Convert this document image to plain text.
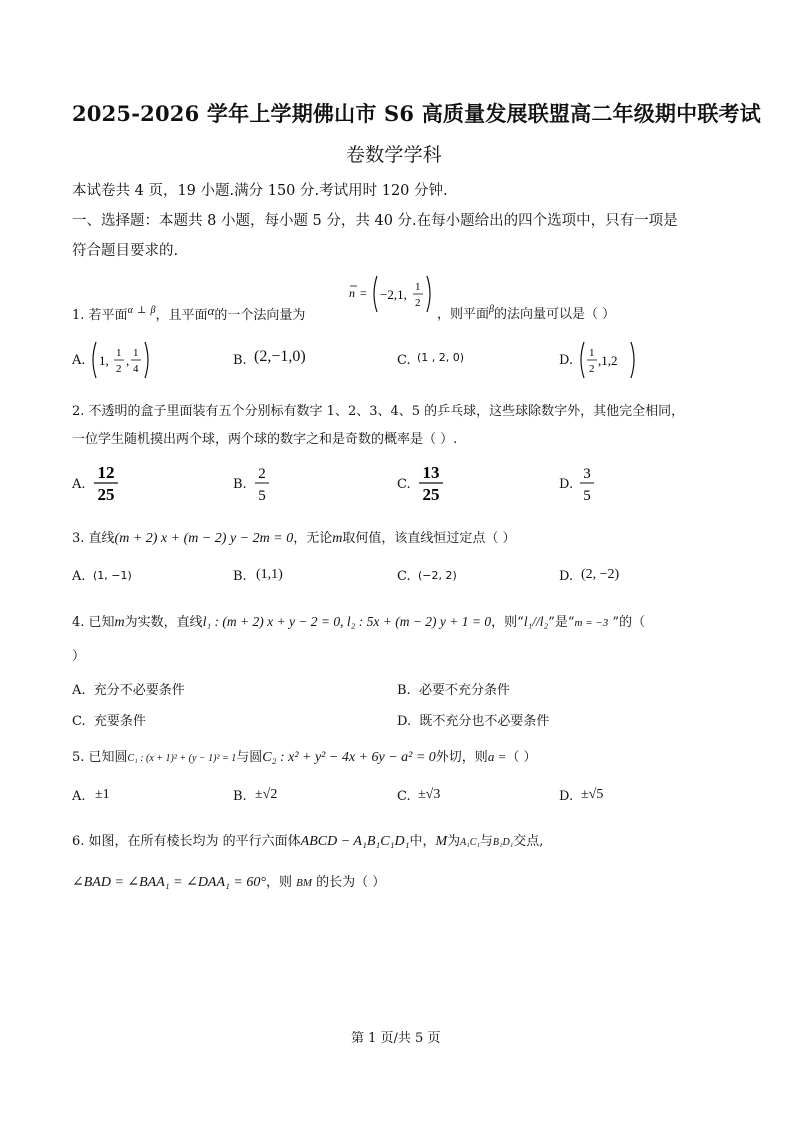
2025-2026 学年上学期佛山市 S6 高质量发展联盟高二年级期中联考试
卷数学学科
本试卷共 4 页，19 小题.满分 150 分.考试用时 120 分钟.
一、选择题：本题共 8 小题，每小题 5 分，共 40 分.在每小题给出的四个选项中，只有一项是
符合题目要求的.
1. 若平面$^\alpha$ ⊥ $^\beta$，且平面α的一个法向量为
n = −2,1, 1
2
，则平面$^\beta$的法向量可以是（ ）
A. 1, 1
2
, 1
4
B. (2,−1,0)	C. (1 , 2, 0)	D. 1
2
,1,2
2. 不透明的盒子里面装有五个分别标有数字 1、2、3、4、5 的乒乓球，这些球除数字外，其他完全相同，
一位学生随机摸出两个球，两个球的数字之和是奇数的概率是（ ）.
A.
12
25
B.
2
5
C.
13
25
D.
3
5
3. 直线(m + 2) x + (m − 2) y − 2m = 0，无论m取何值，该直线恒过定点（ ）
A. (1, −1)	B. (1,1)	C. (−2, 2)	D. (2, −2)
4. 已知m为实数，直线l₁ : (m + 2) x + y − 2 = 0, l₂ : 5x + (m − 2) y + 1 = 0，则“l₁//l₂”是“m = −3 ”的（
）
A. 充分不必要条件	B. 必要不充分条件
C. 充要条件	D. 既不充分也不必要条件
5. 已知圆C₁ : (x + 1)² + (y − 1)² = 1与圆C₂ : x² + y² − 4x + 6y − a² = 0外切，则a =（ ）
A. ±1	B. ±√2	C. ±√3	D. ±√5
6. 如图，在所有棱长均为 的平行六面体ABCD − A₁B₁C₁D₁中，M为A₁C₁与B₁D₁交点,
∠BAD = ∠BAA₁ = ∠DAA₁ = 60°，则 BM 的长为（ ）
第 1 页/共 5 页
